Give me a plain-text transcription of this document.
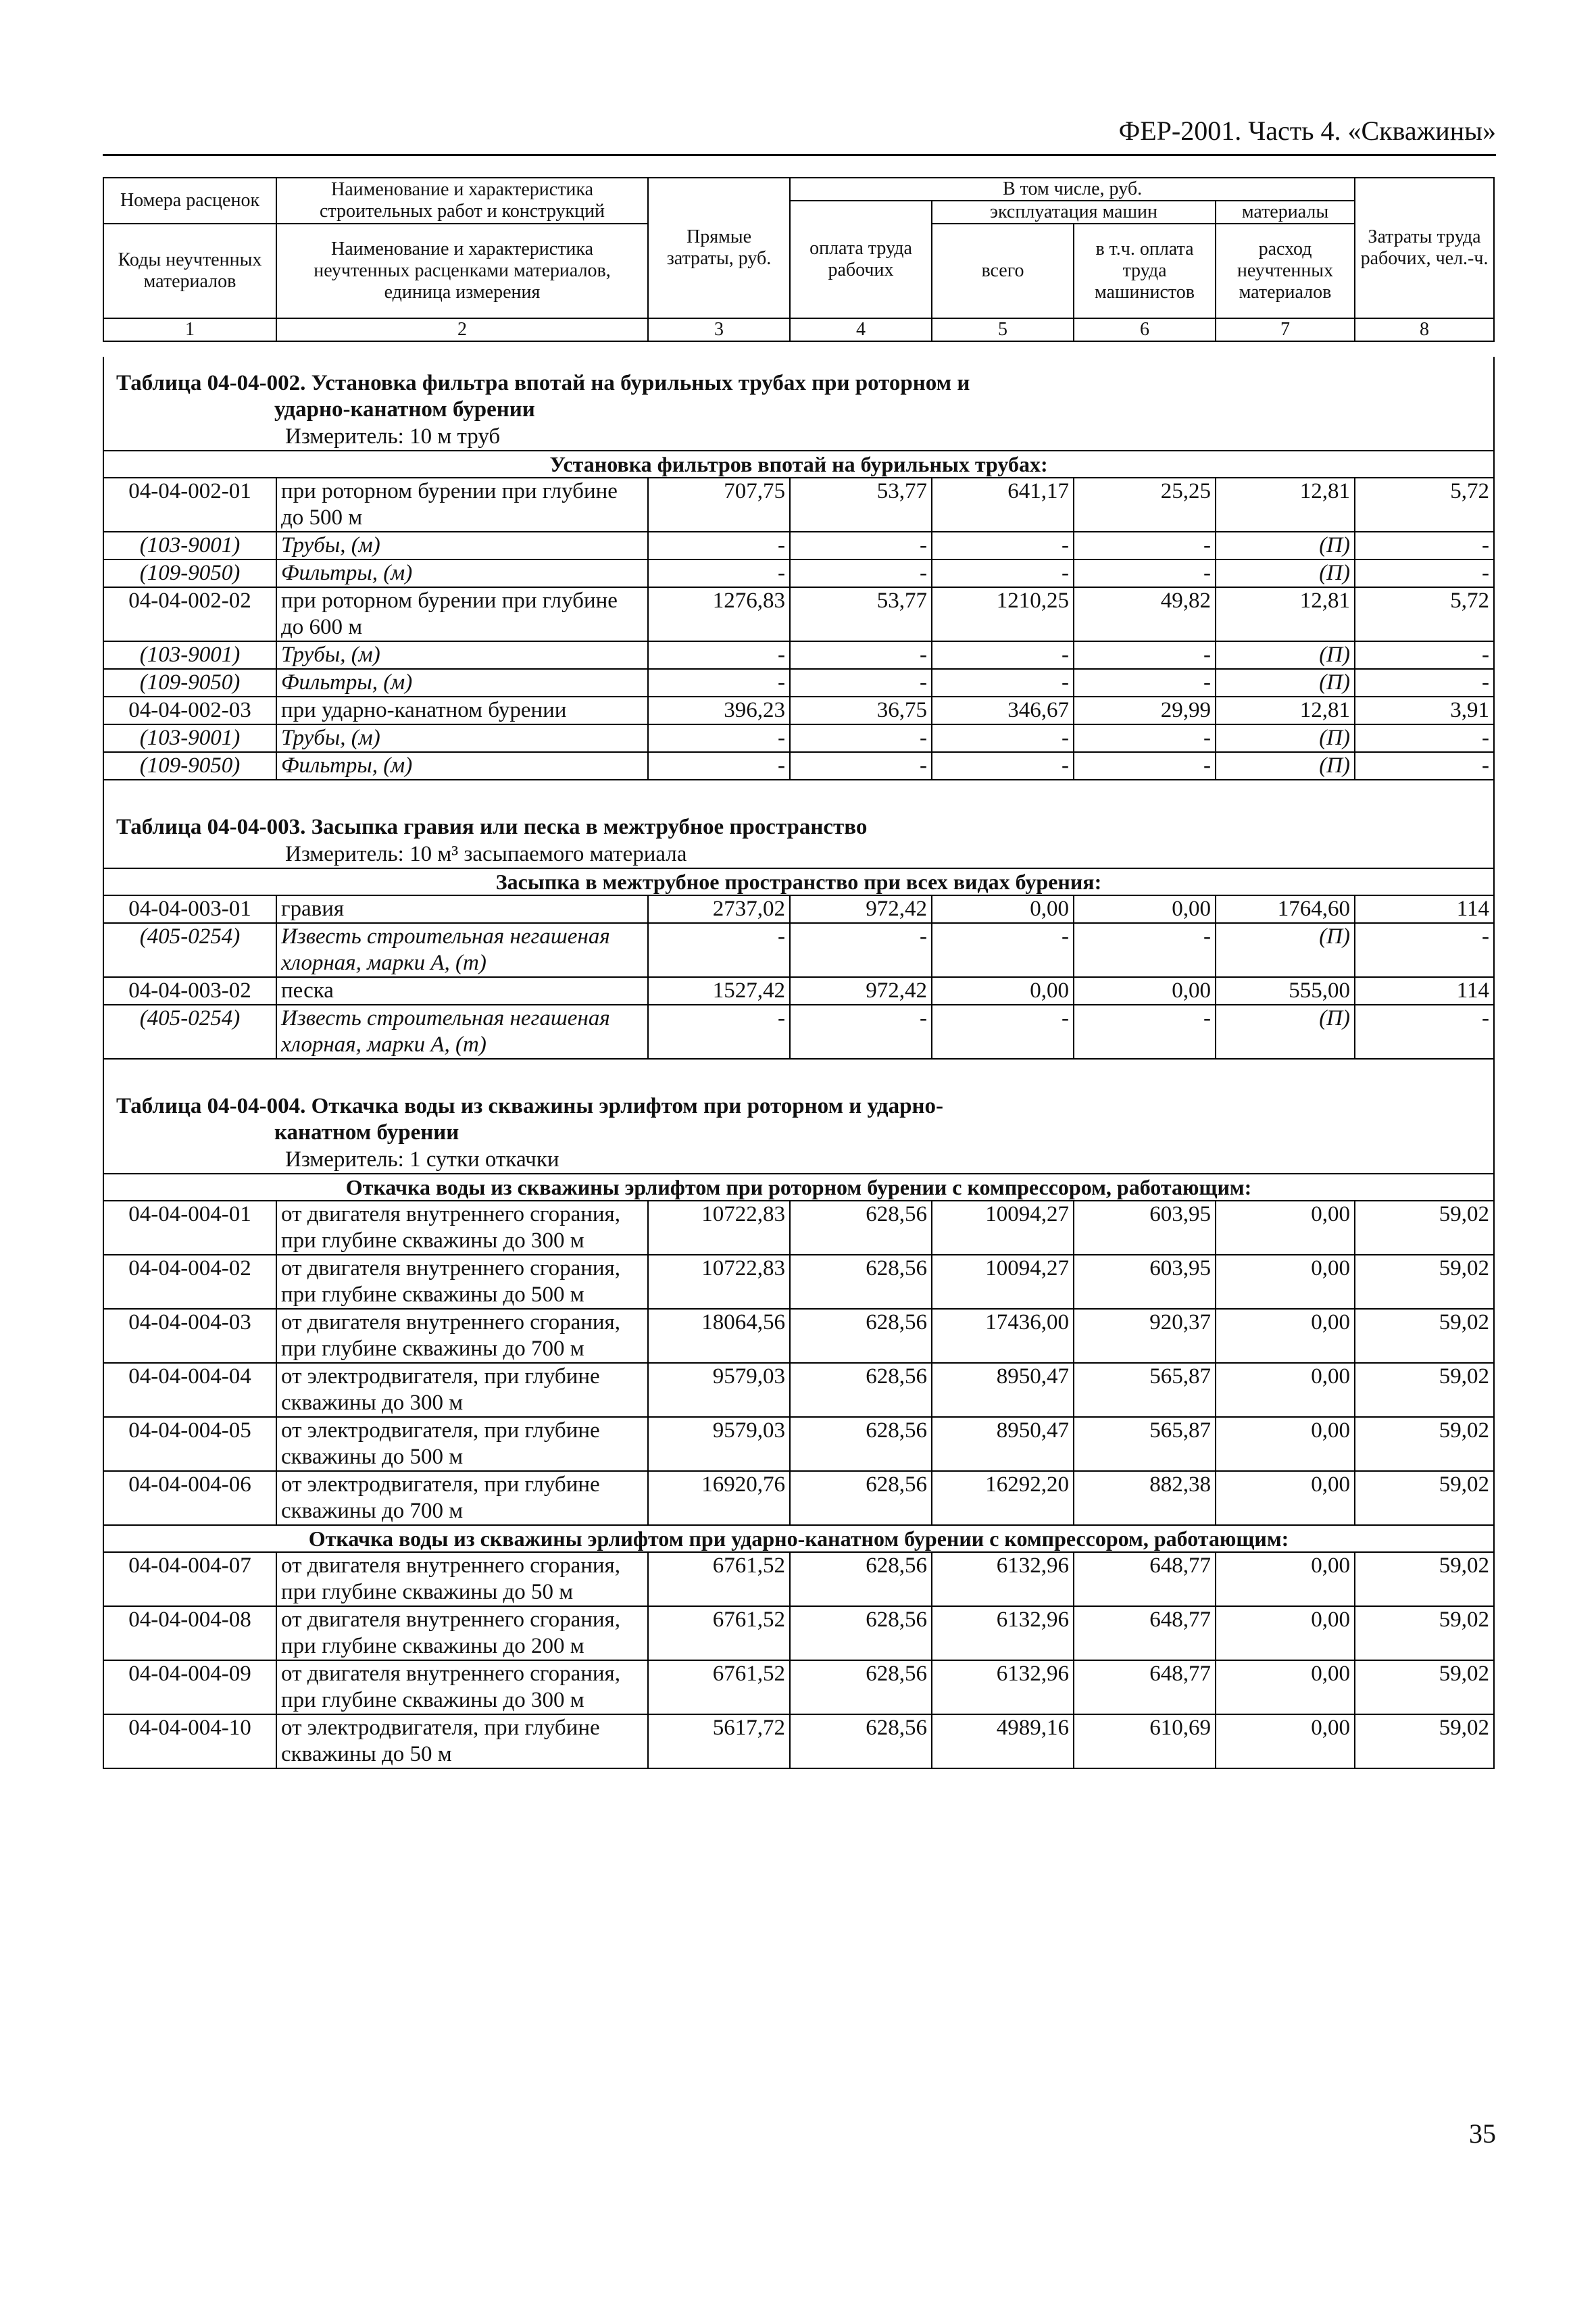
ФЕР-2001. Часть 4. «Скважины»
Номера расценок	Наименование и характеристика строительных работ и конструкций	Прямые затраты, руб.	В том числе, руб.				Затраты труда рабочих, чел.-ч.
			оплата труда рабочих	эксплуатация машин		материалы	
Коды неучтенных материалов	Наименование и характеристика неучтенных расценками материалов, единица измерения			всего	в т.ч. оплата труда машинистов	расход неучтенных материалов	

1	2	3	4	5	6	7	8
Таблица 04-04-002. Установка фильтра впотай на бурильных трубах при роторном и
ударно-канатном бурении							

Измеритель: 10 м труб							
Установка фильтров впотай на бурильных трубах:							
04-04-002-01	при роторном бурении при глубине до 500 м	707,75	53,77	641,17	25,25	12,81	5,72
(103-9001)	Трубы, (м)	-	-	-	-	(П)	-
(109-9050)	Фильтры, (м)	-	-	-	-	(П)	-
04-04-002-02	при роторном бурении при глубине до 600 м	1276,83	53,77	1210,25	49,82	12,81	5,72
(103-9001)	Трубы, (м)	-	-	-	-	(П)	-
(109-9050)	Фильтры, (м)	-	-	-	-	(П)	-
04-04-002-03	при ударно-канатном бурении	396,23	36,75	346,67	29,99	12,81	3,91
(103-9001)	Трубы, (м)	-	-	-	-	(П)	-
(109-9050)	Фильтры, (м)	-	-	-	-	(П)	-

Таблица 04-04-003. Засыпка гравия или песка в межтрубное пространство							
Измеритель: 10 м³ засыпаемого материала							
Засыпка в межтрубное пространство при всех видах бурения:							
04-04-003-01	гравия	2737,02	972,42	0,00	0,00	1764,60	114
(405-0254)	Известь строительная негашеная хлорная, марки А, (т)	-	-	-	-	(П)	-
04-04-003-02	песка	1527,42	972,42	0,00	0,00	555,00	114
(405-0254)	Известь строительная негашеная хлорная, марки А, (т)	-	-	-	-	(П)	-

Таблица 04-04-004. Откачка воды из скважины эрлифтом при роторном и ударно-
канатном бурении							

Измеритель: 1 сутки откачки							
Откачка воды из скважины эрлифтом при роторном бурении с компрессором, работающим:							
04-04-004-01	от двигателя внутреннего сгорания, при глубине скважины до 300 м	10722,83	628,56	10094,27	603,95	0,00	59,02
04-04-004-02	от двигателя внутреннего сгорания, при глубине скважины до 500 м	10722,83	628,56	10094,27	603,95	0,00	59,02
04-04-004-03	от двигателя внутреннего сгорания, при глубине скважины до 700 м	18064,56	628,56	17436,00	920,37	0,00	59,02
04-04-004-04	от электродвигателя, при глубине скважины до 300 м	9579,03	628,56	8950,47	565,87	0,00	59,02
04-04-004-05	от электродвигателя, при глубине скважины до 500 м	9579,03	628,56	8950,47	565,87	0,00	59,02
04-04-004-06	от электродвигателя, при глубине скважины до 700 м	16920,76	628,56	16292,20	882,38	0,00	59,02
Откачка воды из скважины эрлифтом при ударно-канатном бурении с компрессором, работающим:							
04-04-004-07	от двигателя внутреннего сгорания, при глубине скважины до 50 м	6761,52	628,56	6132,96	648,77	0,00	59,02
04-04-004-08	от двигателя внутреннего сгорания, при глубине скважины до 200 м	6761,52	628,56	6132,96	648,77	0,00	59,02
04-04-004-09	от двигателя внутреннего сгорания, при глубине скважины до 300 м	6761,52	628,56	6132,96	648,77	0,00	59,02
04-04-004-10	от электродвигателя, при глубине скважины до 50 м	5617,72	628,56	4989,16	610,69	0,00	59,02
35
